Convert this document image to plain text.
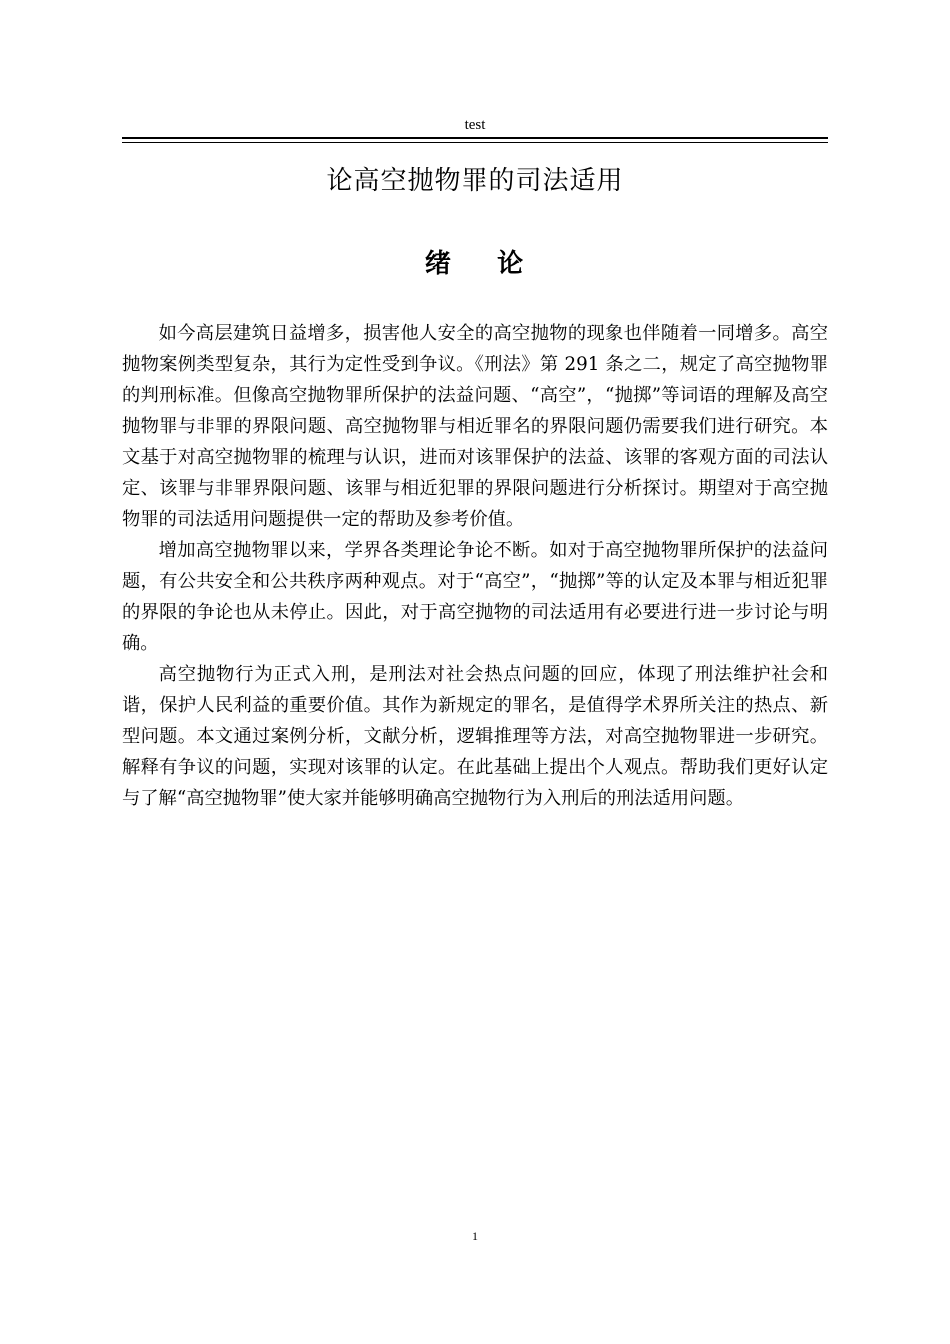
test
论高空抛物罪的司法适用
绪    论

如今高层建筑日益增多，损害他人安全的高空抛物的现象也伴随着一同增多。高空抛物案例类型复杂，其行为定性受到争议。《刑法》第 291 条之二，规定了高空抛物罪的判刑标准。但像高空抛物罪所保护的法益问题、“高空”，“抛掷”等词语的理解及高空抛物罪与非罪的界限问题、高空抛物罪与相近罪名的界限问题仍需要我们进行研究。本文基于对高空抛物罪的梳理与认识，进而对该罪保护的法益、该罪的客观方面的司法认定、该罪与非罪界限问题、该罪与相近犯罪的界限问题进行分析探讨。期望对于高空抛物罪的司法适用问题提供一定的帮助及参考价值。

增加高空抛物罪以来，学界各类理论争论不断。如对于高空抛物罪所保护的法益问题，有公共安全和公共秩序两种观点。对于“高空”，“抛掷”等的认定及本罪与相近犯罪的界限的争论也从未停止。因此，对于高空抛物的司法适用有必要进行进一步讨论与明确。

高空抛物行为正式入刑，是刑法对社会热点问题的回应，体现了刑法维护社会和谐，保护人民利益的重要价值。其作为新规定的罪名，是值得学术界所关注的热点、新型问题。本文通过案例分析，文献分析，逻辑推理等方法，对高空抛物罪进一步研究。解释有争议的问题，实现对该罪的认定。在此基础上提出个人观点。帮助我们更好认定与了解“高空抛物罪”使大家并能够明确高空抛物行为入刑后的刑法适用问题。

1
